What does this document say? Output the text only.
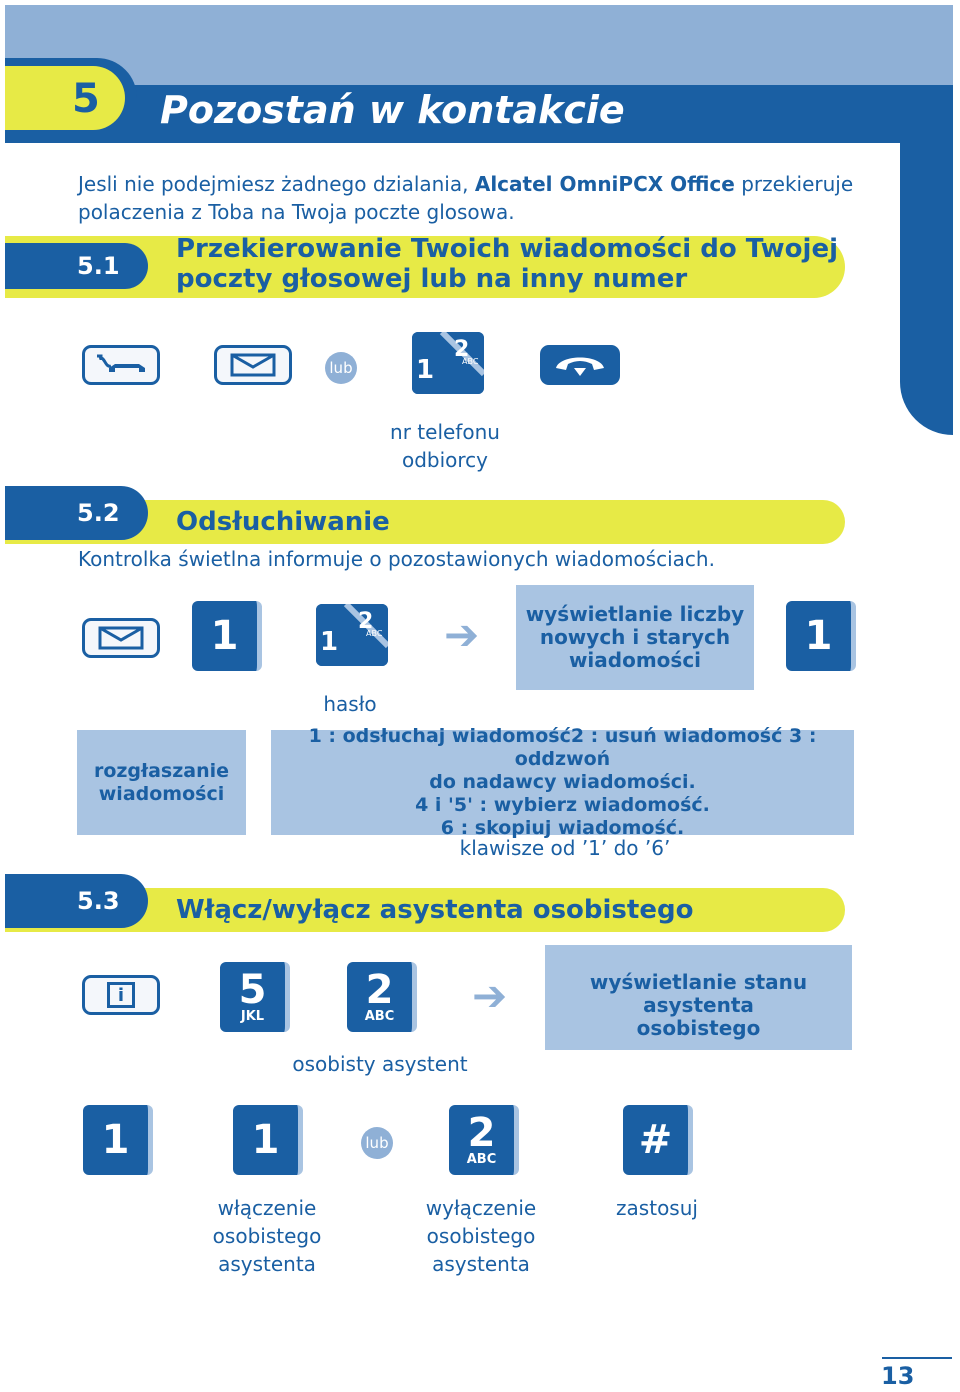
5 Pozostań w kontakcie
Jesli nie podejmiesz żadnego dzialania, Alcatel OmniPCX Office przekieruje polaczenia z Toba na Twoja poczte glosowa.
5.1
Przekierowanie Twoich wiadomości do Twojej
poczty głosowej lub na inny numer
lub 1
2
ABC
nr telefonu
odbiorcy
5.2	Odsłuchiwanie
Kontrolka świetlna informuje o pozostawionych wiadomościach.
1	1
2
ABC ➔ wyświetlanie liczby
nowych i starych
wiadomości
1
hasło
rozgłaszanie
wiadomości
1 : odsłuchaj wiadomość2 : usuń wiadomość 3 : oddzwoń
do nadawcy wiadomości.
4 i '5' : wybierz wiadomość.
6 : skopiuj wiadomość.
klawisze od ’1’ do ’6’
5.3	Włącz/wyłącz asystenta osobistego
i	5
JKL
2
ABC ➔	wyświetlanie stanu asystenta
osobistego
osobisty asystent
1	1	lub 2
ABC	#
włączenie
osobistego
asystenta
wyłączenie
osobistego
asystenta
zastosuj
13
